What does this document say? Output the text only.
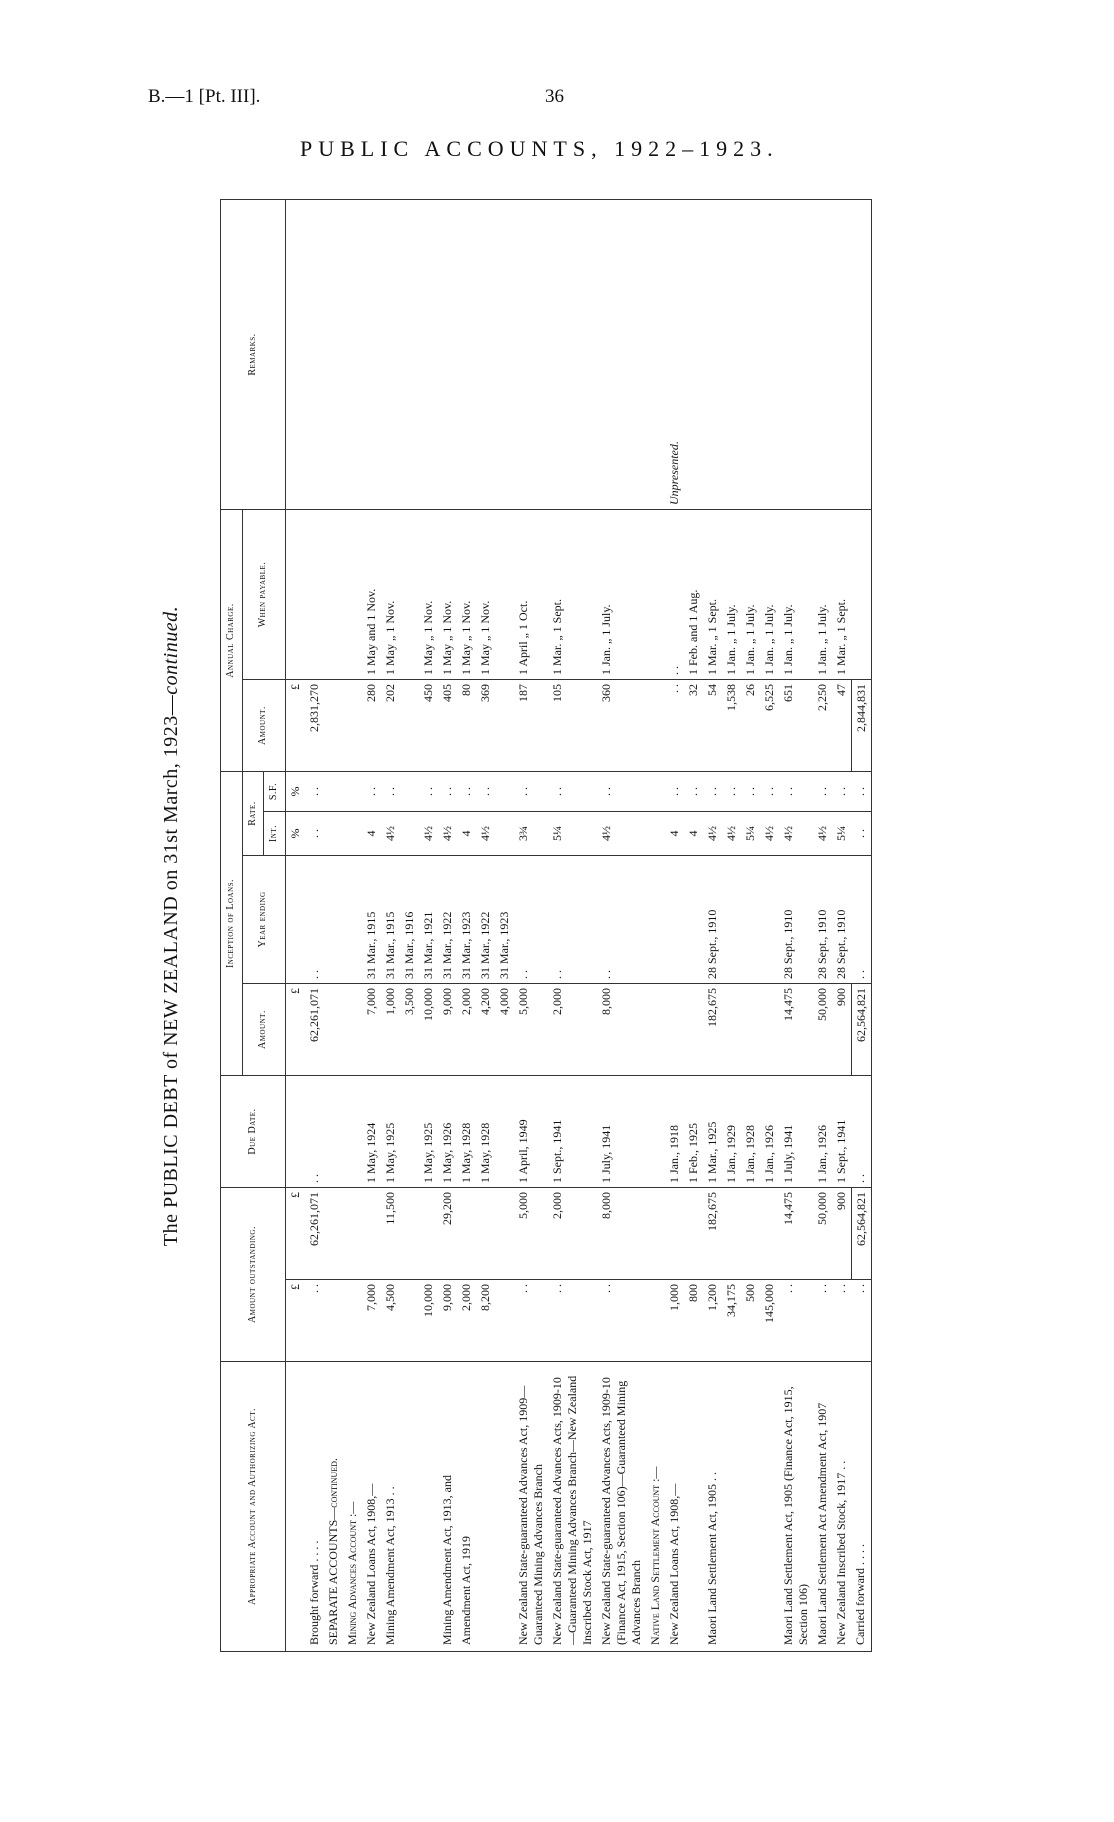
B.—1 [Pt. III].	36
PUBLIC ACCOUNTS, 1922–1923.
The PUBLIC DEBT of NEW ZEALAND on 31st March, 1923—continued.
Appropriate Account and Authorizing Act.	Amount outstanding.		Due Date.	Inception of Loans.				Annual Charge.		Remarks.
				Amount.	Year ending	Rate.		Amount.	When payable.	
						Int.	S.F.			
	£	£		£		%	%	£		
Brought forward . . . .	. .	62,261,071	. .	62,261,071	. .	. .	. .	2,831,270		
SEPARATE ACCOUNTS—continued.										
Mining Advances Account :—										
New Zealand Loans Act, 1908,—	7,000		1 May, 1924	7,000	31 Mar., 1915	4	. .	280	1 May and 1 Nov.	
Mining Amendment Act, 1913 . .	4,500	11,500	1 May, 1925	1,000	31 Mar., 1915	4½	. .	202	1 May „ 1 Nov.	
				3,500	31 Mar., 1916					
	10,000		1 May, 1925	10,000	31 Mar., 1921	4½	. .	450	1 May „ 1 Nov.	
Mining Amendment Act, 1913, and	9,000	29,200	1 May, 1926	9,000	31 Mar., 1922	4½	. .	405	1 May „ 1 Nov.	
Amendment Act, 1919	2,000		1 May, 1928	2,000	31 Mar., 1923	4	. .	80	1 May „ 1 Nov.	
	8,200		1 May, 1928	4,200	31 Mar., 1922	4½	. .	369	1 May „ 1 Nov.	
				4,000	31 Mar., 1923					
New Zealand State-guaranteed Advances Act, 1909—Guaranteed Mining Advances Branch	. .	5,000	1 April, 1949	5,000	. .	3¾	. .	187	1 April „ 1 Oct.	
New Zealand State-guaranteed Advances Acts, 1909-10—Guaranteed Mining Advances Branch—New Zealand Inscribed Stock Act, 1917	. .	2,000	1 Sept., 1941	2,000	. .	5¼	. .	105	1 Mar. „ 1 Sept.	
New Zealand State-guaranteed Advances Acts, 1909-10 (Finance Act, 1915, Section 106)—Guaranteed Mining Advances Branch	. .	8,000	1 July, 1941	8,000	. .	4½	. .	360	1 Jan. „ 1 July.	
Native Land Settlement Account :—										
New Zealand Loans Act, 1908,—	1,000		1 Jan., 1918			4	. .	. .	. .	Unpresented.
	800		1 Feb., 1925			4	. .	32	1 Feb. and 1 Aug.	
Maori Land Settlement Act, 1905 . .	1,200	182,675	1 Mar., 1925	182,675	28 Sept., 1910	4½	. .	54	1 Mar. „ 1 Sept.	
	34,175		1 Jan., 1929			4½	. .	1,538	1 Jan. „ 1 July.	
	500		1 Jan., 1928			5¼	. .	26	1 Jan. „ 1 July.	
	145,000		1 Jan., 1926			4½	. .	6,525	1 Jan. „ 1 July.	
Maori Land Settlement Act, 1905 (Finance Act, 1915, Section 106)	. .	14,475	1 July, 1941	14,475	28 Sept., 1910	4½	. .	651	1 Jan. „ 1 July.	
Maori Land Settlement Act Amendment Act, 1907	. .	50,000	1 Jan., 1926	50,000	28 Sept., 1910	4½	. .	2,250	1 Jan. „ 1 July.	
New Zealand Inscribed Stock, 1917 . .	. .	900	1 Sept., 1941	900	28 Sept., 1910	5¼	. .	47	1 Mar. „ 1 Sept.	
Carried forward . . . .	. .	62,564,821	. .	62,564,821	. .	. .	. .	2,844,831		
